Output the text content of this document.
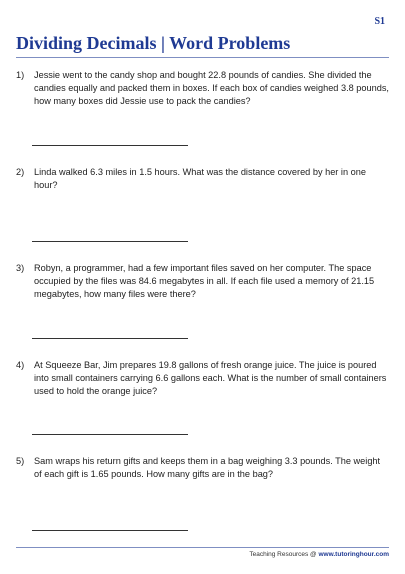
S1
Dividing Decimals | Word Problems
1)	Jessie went to the candy shop and bought 22.8 pounds of candies. She divided the candies equally and packed them in boxes. If each box of candies weighed 3.8 pounds, how many boxes did Jessie use to pack the candies?

2)	Linda walked 6.3 miles in 1.5 hours. What was the distance covered by her in one hour?

3)	Robyn, a programmer, had a few important files saved on her computer. The space occupied by the files was 84.6 megabytes in all. If each file used a memory of 21.15 megabytes, how many files were there?

4)	At Squeeze Bar, Jim prepares 19.8 gallons of fresh orange juice. The juice is poured into small containers carrying 6.6 gallons each. What is the number of small containers used to hold the orange juice?

5)	Sam wraps his return gifts and keeps them in a bag weighing 3.3 pounds. The weight of each gift is 1.65 pounds. How many gifts are in the bag?

Teaching Resources @ www.tutoringhour.com
